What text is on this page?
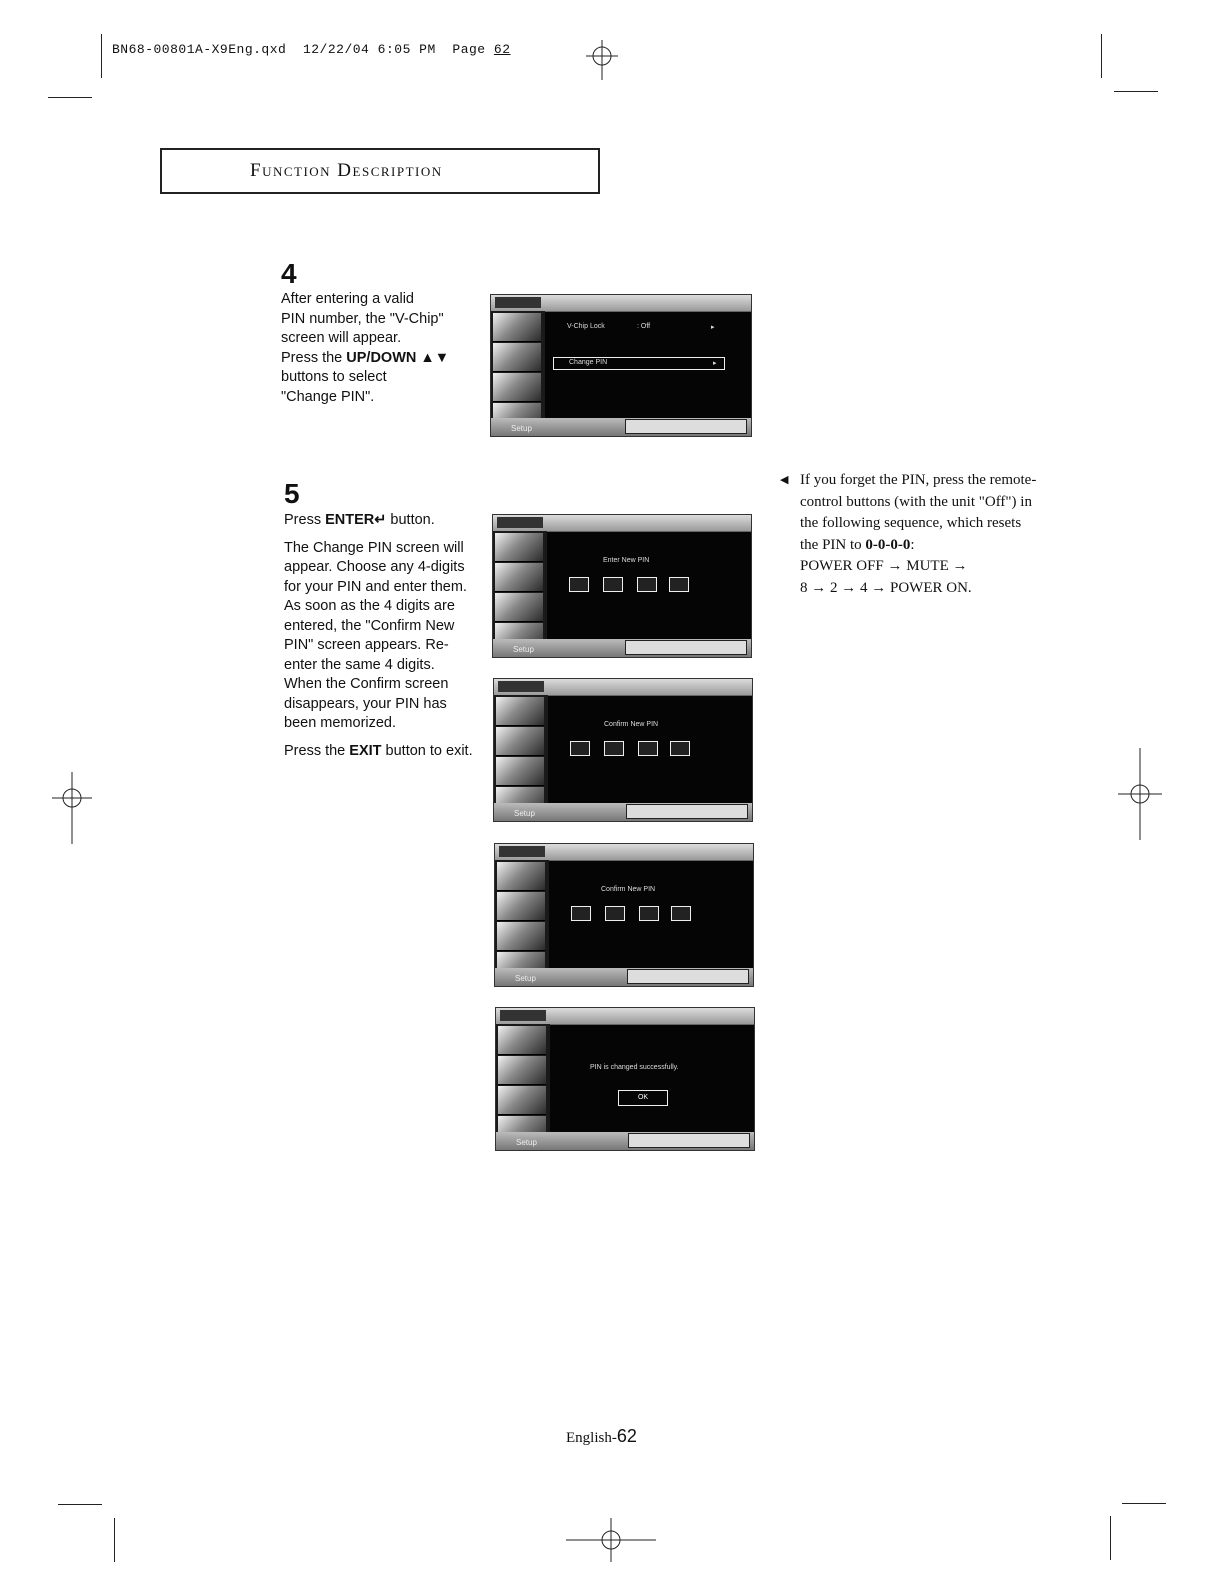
BN68-00801A-X9Eng.qxd 12/22/04 6:05 PM Page 62
Function Description
4
After entering a valid
PIN number, the "V-Chip"
screen will appear.
Press the UP/DOWN ▲▼
buttons to select
"Change PIN".
V-Chip Lock	: Off	▸
Change PIN	▸
Setup
5
Press ENTER↵ button.
The Change PIN screen will appear. Choose any 4-digits for your PIN and enter them.
As soon as the 4 digits are entered, the "Confirm New PIN" screen appears. Re-enter the same 4 digits. When the Confirm screen disappears, your PIN has been memorized.
Press the EXIT button to exit.
Enter New PIN
Setup
Confirm New PIN
Setup
Confirm New PIN
Setup
PIN is changed successfully.
OK
Setup
◀ If you forget the PIN, press the remote-control buttons (with the unit "Off") in the following sequence, which resets the PIN to 0-0-0-0:
POWER OFF → MUTE →
8 → 2 → 4 → POWER ON.
English-62
